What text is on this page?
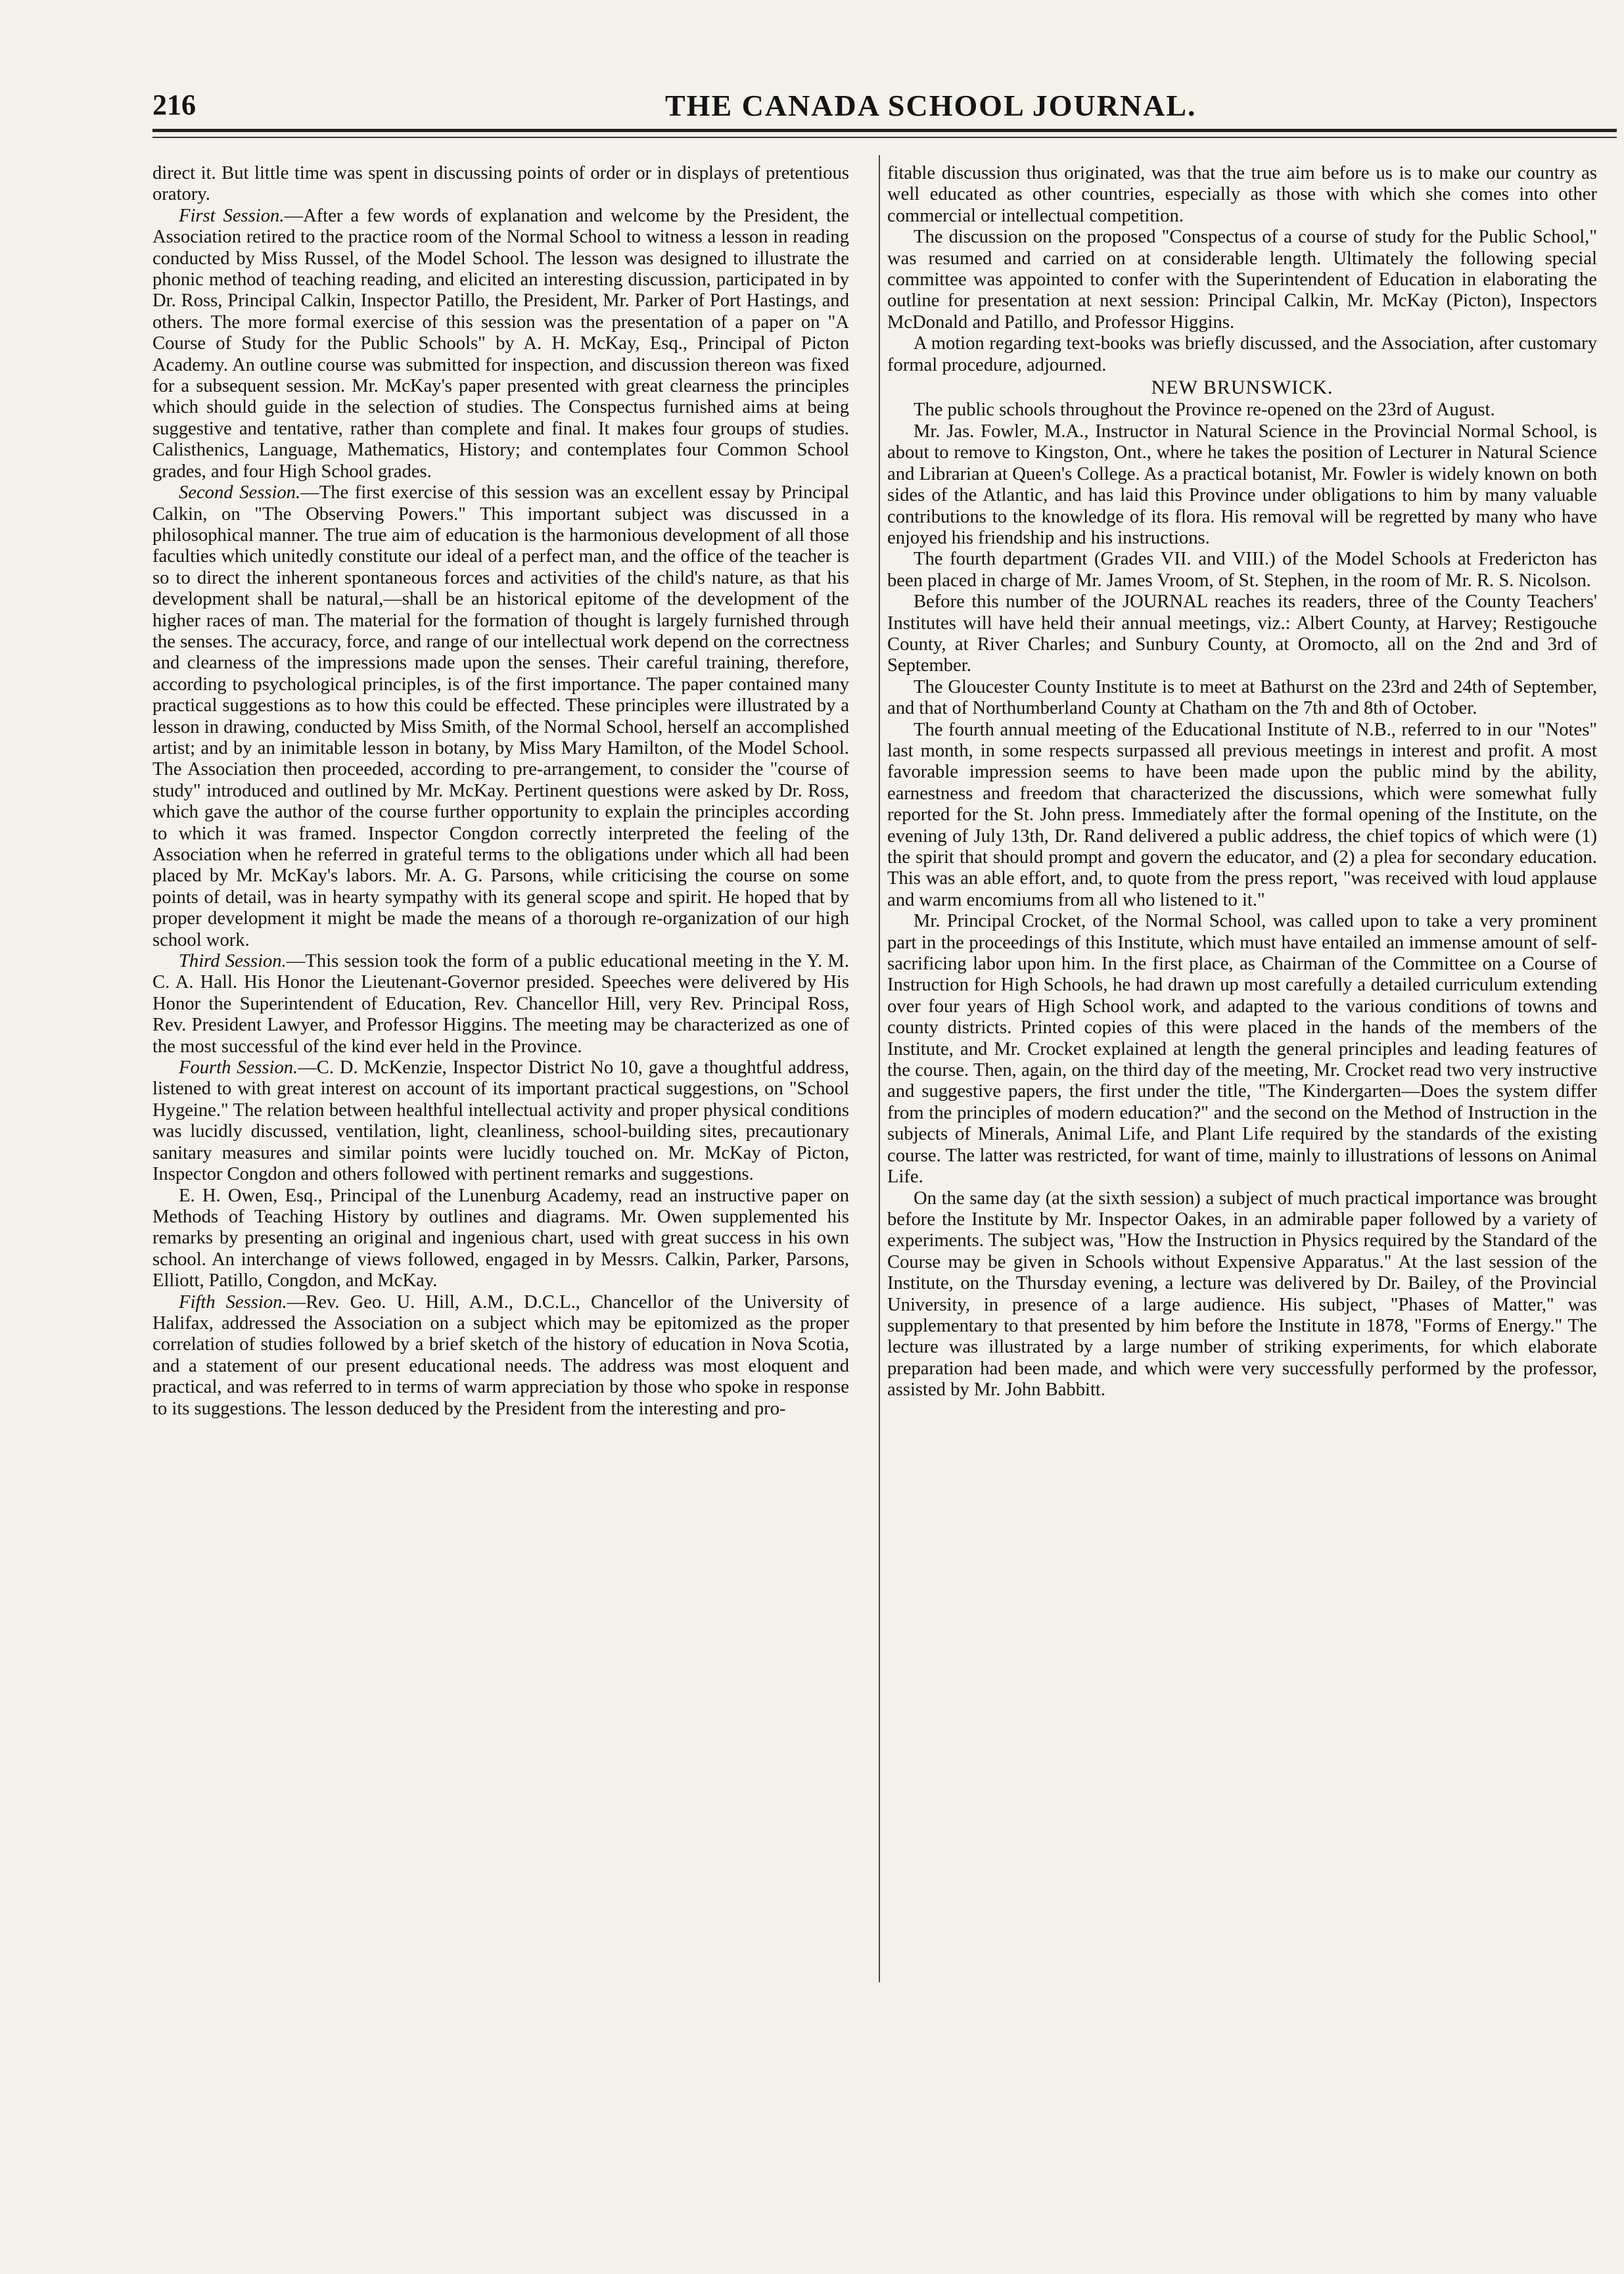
216	THE CANADA SCHOOL JOURNAL.

direct it. But little time was spent in discussing points of order or in displays of pretentious oratory.

First Session.—After a few words of explanation and welcome by the President, the Association retired to the practice room of the Normal School to witness a lesson in reading conducted by Miss Russel, of the Model School. The lesson was designed to illustrate the phonic method of teaching reading, and elicited an interesting discussion, participated in by Dr. Ross, Principal Calkin, Inspector Patillo, the President, Mr. Parker of Port Hastings, and others. The more formal exercise of this session was the presentation of a paper on "A Course of Study for the Public Schools" by A. H. McKay, Esq., Principal of Picton Academy. An outline course was submitted for inspection, and discussion thereon was fixed for a subsequent session. Mr. McKay's paper presented with great clearness the principles which should guide in the selection of studies. The Conspectus furnished aims at being suggestive and tentative, rather than complete and final. It makes four groups of studies. Calisthenics, Language, Mathematics, History; and contemplates four Common School grades, and four High School grades.

Second Session.—The first exercise of this session was an excellent essay by Principal Calkin, on "The Observing Powers." This important subject was discussed in a philosophical manner. The true aim of education is the harmonious development of all those faculties which unitedly constitute our ideal of a perfect man, and the office of the teacher is so to direct the inherent spontaneous forces and activities of the child's nature, as that his development shall be natural,—shall be an historical epitome of the development of the higher races of man. The material for the formation of thought is largely furnished through the senses. The accuracy, force, and range of our intellectual work depend on the correctness and clearness of the impressions made upon the senses. Their careful training, therefore, according to psychological principles, is of the first importance. The paper contained many practical suggestions as to how this could be effected. These principles were illustrated by a lesson in drawing, conducted by Miss Smith, of the Normal School, herself an accomplished artist; and by an inimitable lesson in botany, by Miss Mary Hamilton, of the Model School. The Association then proceeded, according to pre-arrangement, to consider the "course of study" introduced and outlined by Mr. McKay. Pertinent questions were asked by Dr. Ross, which gave the author of the course further opportunity to explain the principles according to which it was framed. Inspector Congdon correctly interpreted the feeling of the Association when he referred in grateful terms to the obligations under which all had been placed by Mr. McKay's labors. Mr. A. G. Parsons, while criticising the course on some points of detail, was in hearty sympathy with its general scope and spirit. He hoped that by proper development it might be made the means of a thorough re-organization of our high school work.

Third Session.—This session took the form of a public educational meeting in the Y. M. C. A. Hall. His Honor the Lieutenant-Governor presided. Speeches were delivered by His Honor the Superintendent of Education, Rev. Chancellor Hill, very Rev. Principal Ross, Rev. President Lawyer, and Professor Higgins. The meeting may be characterized as one of the most successful of the kind ever held in the Province.

Fourth Session.—C. D. McKenzie, Inspector District No 10, gave a thoughtful address, listened to with great interest on account of its important practical suggestions, on "School Hygeine." The relation between healthful intellectual activity and proper physical conditions was lucidly discussed, ventilation, light, cleanliness, school-building sites, precautionary sanitary measures and similar points were lucidly touched on. Mr. McKay of Picton, Inspector Congdon and others followed with pertinent remarks and suggestions.

E. H. Owen, Esq., Principal of the Lunenburg Academy, read an instructive paper on Methods of Teaching History by outlines and diagrams. Mr. Owen supplemented his remarks by presenting an original and ingenious chart, used with great success in his own school. An interchange of views followed, engaged in by Messrs. Calkin, Parker, Parsons, Elliott, Patillo, Congdon, and McKay.

Fifth Session.—Rev. Geo. U. Hill, A.M., D.C.L., Chancellor of the University of Halifax, addressed the Association on a subject which may be epitomized as the proper correlation of studies followed by a brief sketch of the history of education in Nova Scotia, and a statement of our present educational needs. The address was most eloquent and practical, and was referred to in terms of warm appreciation by those who spoke in response to its suggestions. The lesson deduced by the President from the interesting and pro-

fitable discussion thus originated, was that the true aim before us is to make our country as well educated as other countries, especially as those with which she comes into other commercial or intellectual competition.

The discussion on the proposed "Conspectus of a course of study for the Public School," was resumed and carried on at considerable length. Ultimately the following special committee was appointed to confer with the Superintendent of Education in elaborating the outline for presentation at next session: Principal Calkin, Mr. McKay (Picton), Inspectors McDonald and Patillo, and Professor Higgins.

A motion regarding text-books was briefly discussed, and the Association, after customary formal procedure, adjourned.

NEW BRUNSWICK.

The public schools throughout the Province re-opened on the 23rd of August.

Mr. Jas. Fowler, M.A., Instructor in Natural Science in the Provincial Normal School, is about to remove to Kingston, Ont., where he takes the position of Lecturer in Natural Science and Librarian at Queen's College. As a practical botanist, Mr. Fowler is widely known on both sides of the Atlantic, and has laid this Province under obligations to him by many valuable contributions to the knowledge of its flora. His removal will be regretted by many who have enjoyed his friendship and his instructions.

The fourth department (Grades VII. and VIII.) of the Model Schools at Fredericton has been placed in charge of Mr. James Vroom, of St. Stephen, in the room of Mr. R. S. Nicolson.

Before this number of the JOURNAL reaches its readers, three of the County Teachers' Institutes will have held their annual meetings, viz.: Albert County, at Harvey; Restigouche County, at River Charles; and Sunbury County, at Oromocto, all on the 2nd and 3rd of September.

The Gloucester County Institute is to meet at Bathurst on the 23rd and 24th of September, and that of Northumberland County at Chatham on the 7th and 8th of October.

The fourth annual meeting of the Educational Institute of N.B., referred to in our "Notes" last month, in some respects surpassed all previous meetings in interest and profit. A most favorable impression seems to have been made upon the public mind by the ability, earnestness and freedom that characterized the discussions, which were somewhat fully reported for the St. John press. Immediately after the formal opening of the Institute, on the evening of July 13th, Dr. Rand delivered a public address, the chief topics of which were (1) the spirit that should prompt and govern the educator, and (2) a plea for secondary education. This was an able effort, and, to quote from the press report, "was received with loud applause and warm encomiums from all who listened to it."

Mr. Principal Crocket, of the Normal School, was called upon to take a very prominent part in the proceedings of this Institute, which must have entailed an immense amount of self-sacrificing labor upon him. In the first place, as Chairman of the Committee on a Course of Instruction for High Schools, he had drawn up most carefully a detailed curriculum extending over four years of High School work, and adapted to the various conditions of towns and county districts. Printed copies of this were placed in the hands of the members of the Institute, and Mr. Crocket explained at length the general principles and leading features of the course. Then, again, on the third day of the meeting, Mr. Crocket read two very instructive and suggestive papers, the first under the title, "The Kindergarten—Does the system differ from the principles of modern education?" and the second on the Method of Instruction in the subjects of Minerals, Animal Life, and Plant Life required by the standards of the existing course. The latter was restricted, for want of time, mainly to illustrations of lessons on Animal Life.

On the same day (at the sixth session) a subject of much practical importance was brought before the Institute by Mr. Inspector Oakes, in an admirable paper followed by a variety of experiments. The subject was, "How the Instruction in Physics required by the Standard of the Course may be given in Schools without Expensive Apparatus." At the last session of the Institute, on the Thursday evening, a lecture was delivered by Dr. Bailey, of the Provincial University, in presence of a large audience. His subject, "Phases of Matter," was supplementary to that presented by him before the Institute in 1878, "Forms of Energy." The lecture was illustrated by a large number of striking experiments, for which elaborate preparation had been made, and which were very successfully performed by the professor, assisted by Mr. John Babbitt.
